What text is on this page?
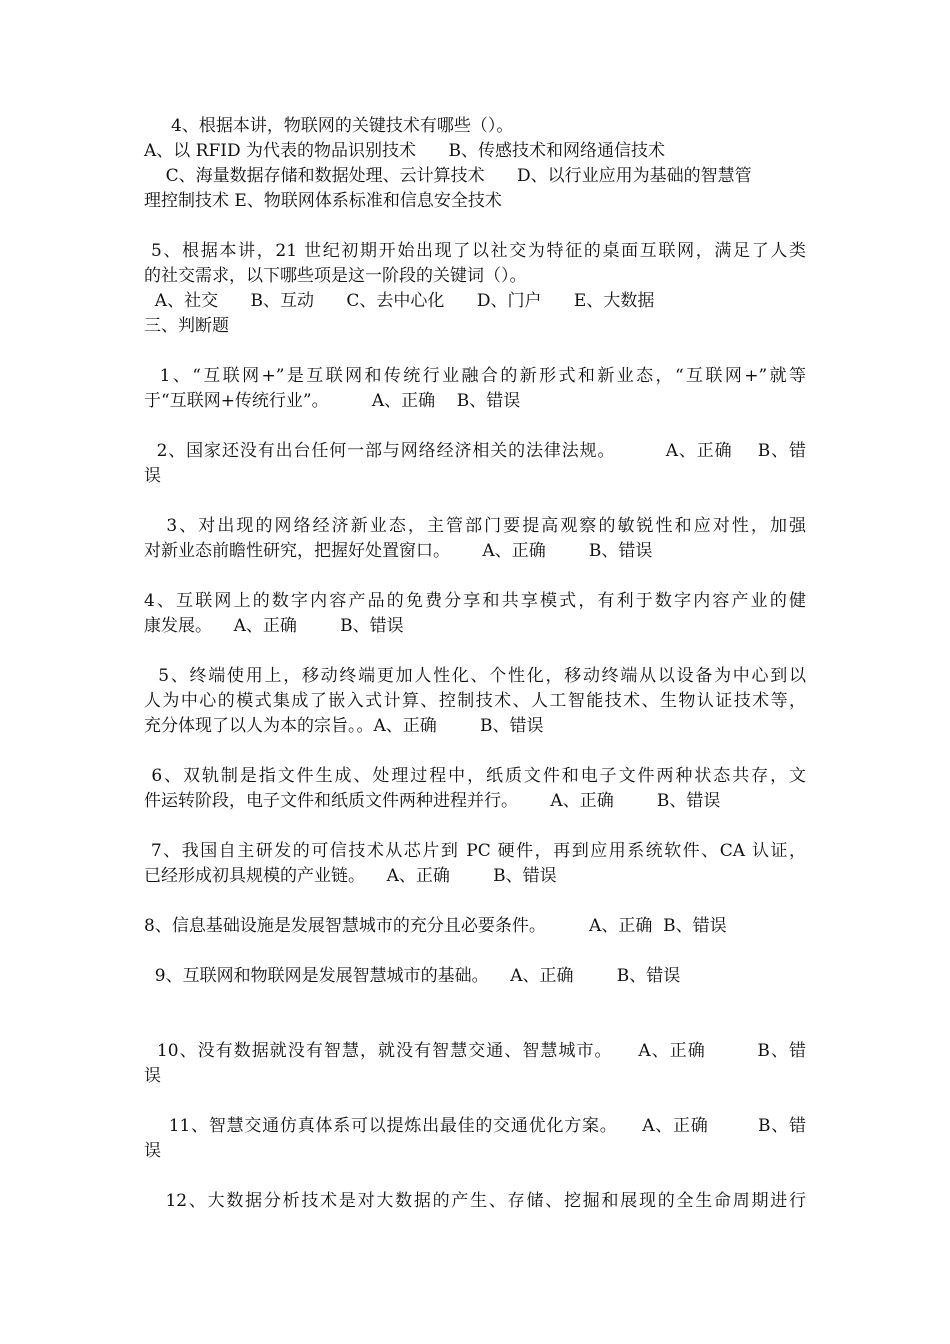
4、根据本讲，物联网的关键技术有哪些（）。
A、以 RFID 为代表的物品识别技术      B、传感技术和网络通信技术
C、海量数据存储和数据处理、云计算技术      D、以行业应用为基础的智慧管
理控制技术 E、物联网体系标准和信息安全技术
5、根据本讲，21 世纪初期开始出现了以社交为特征的桌面互联网，满足了人类
的社交需求，以下哪些项是这一阶段的关键词（）。
A、社交      B、互动      C、去中心化      D、门户      E、大数据
三、判断题
1、“互联网+”是互联网和传统行业融合的新形式和新业态，“互联网+”就等
于“互联网+传统行业”。        A、正确    B、错误
2、国家还没有出台任何一部与网络经济相关的法律法规。        A、正确    B、错
误
3、对出现的网络经济新业态，主管部门要提高观察的敏锐性和应对性，加强
对新业态前瞻性研究，把握好处置窗口。      A、正确        B、错误
4、互联网上的数字内容产品的免费分享和共享模式，有利于数字内容产业的健
康发展。    A、正确        B、错误
5、终端使用上，移动终端更加人性化、个性化，移动终端从以设备为中心到以
人为中心的模式集成了嵌入式计算、控制技术、人工智能技术、生物认证技术等，
充分体现了以人为本的宗旨。。A、正确        B、错误
6、双轨制是指文件生成、处理过程中，纸质文件和电子文件两种状态共存，文
件运转阶段，电子文件和纸质文件两种进程并行。      A、正确        B、错误
7、我国自主研发的可信技术从芯片到 PC 硬件，再到应用系统软件、CA 认证，
已经形成初具规模的产业链。    A、正确        B、错误
8、信息基础设施是发展智慧城市的充分且必要条件。        A、正确  B、错误
9、互联网和物联网是发展智慧城市的基础。    A、正确        B、错误
10、没有数据就没有智慧，就没有智慧交通、智慧城市。    A、正确        B、错
误
11、智慧交通仿真体系可以提炼出最佳的交通优化方案。    A、正确        B、错
误
12、大数据分析技术是对大数据的产生、存储、挖掘和展现的全生命周期进行
